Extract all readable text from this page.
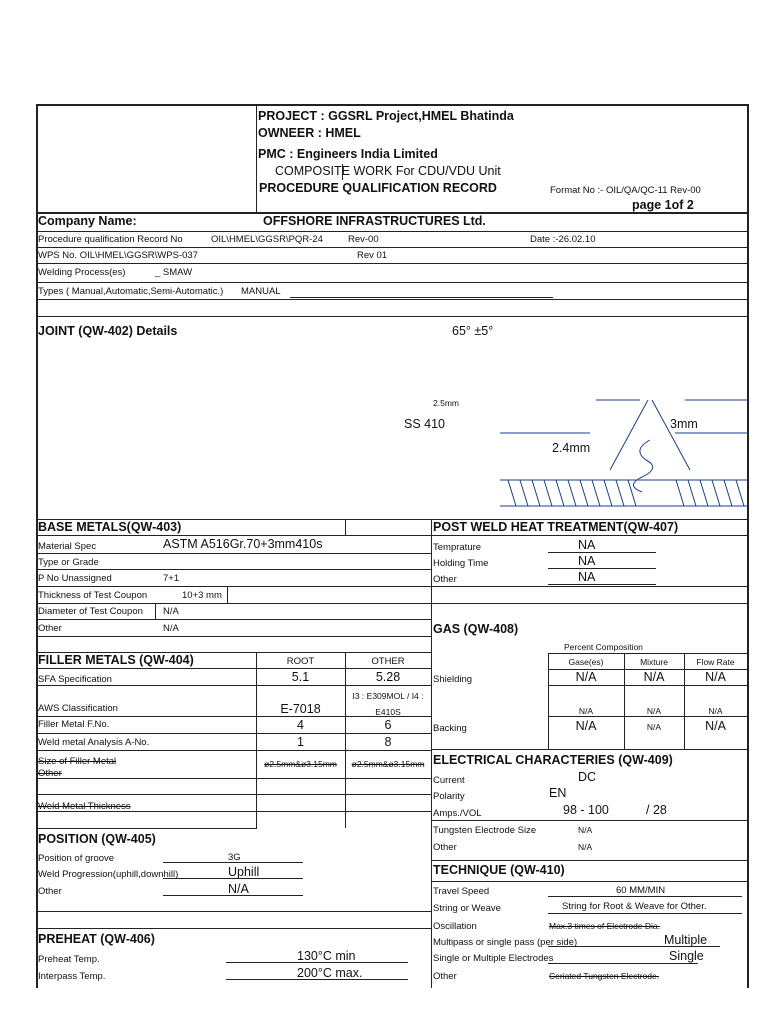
PROJECT : GGSRL Project,HMEL Bhatinda
OWNEER : HMEL
PMC : Engineers India Limited
COMPOSITE WORK For CDU/VDU Unit
PROCEDURE QUALIFICATION RECORD	Format No :- OIL/QA/QC-11 Rev-00
page 1of 2
Company Name:	OFFSHORE INFRASTRUCTURES Ltd.
Procedure qualification Record No	OIL\HMEL\GGSR\PQR-24	Rev-00	Date :-26.02.10
WPS No. OIL\HMEL\GGSR\WPS-037	Rev 01
Welding Process(es)	_ SMAW
Types ( Manual,Automatic,Semi-Automatic.) MANUAL
JOINT (QW-402) Details	65° ±5°
2.5mm
SS 410
2.4mm
3mm
BASE METALS(QW-403)
Material Spec	ASTM A516Gr.70+3mm410s
Type or Grade
P No Unassigned	7+1
Thickness of Test Coupon	10+3 mm
Diameter of Test Coupon N/A
Other	N/A
POST WELD HEAT TREATMENT(QW-407)
Temprature	NA
Holding Time	NA
Other	NA
GAS (QW-408)
Percent Composition
Gase(es)	Mixture	Flow Rate
Shielding	N/A	N/A	N/A
N/A	N/A	N/A
Backing	N/A	N/A	N/A
FILLER METALS (QW-404)	ROOT	OTHER
SFA Specification	5.1	5.28
AWS Classification	E-7018
I3 : E309MOL / I4 : E410S
Filler Metal F.No.	4	6
Weld metal Analysis A-No.	1	8
Size of Filler Metal	ø2.5mm&ø3.15mm	ø2.5mm&ø3.15mm
Other
Weld Metal Thickness
ELECTRICAL CHARACTERIES (QW-409)
Current	DC
Polarity	EN
Amps./VOL	98 - 100	/ 28
Tungsten Electrode Size	N/A
Other	N/A
POSITION (QW-405)
Position of groove	3G
Weld Progression(uphill,downhill)	Uphill
Other	N/A
TECHNIQUE (QW-410)
Travel Speed	60 MM/MIN
String or Weave	String for Root & Weave for Other.
Oscillation	Max.3 times of Electrode Dia.
Multipass or single pass (per side)	Multiple
Single or Multiple Electrodes	Single
Other	Ceriated Tungsten Electrode.
PREHEAT (QW-406)
Preheat Temp.	130°C min
Interpass Temp.	200°C max.
